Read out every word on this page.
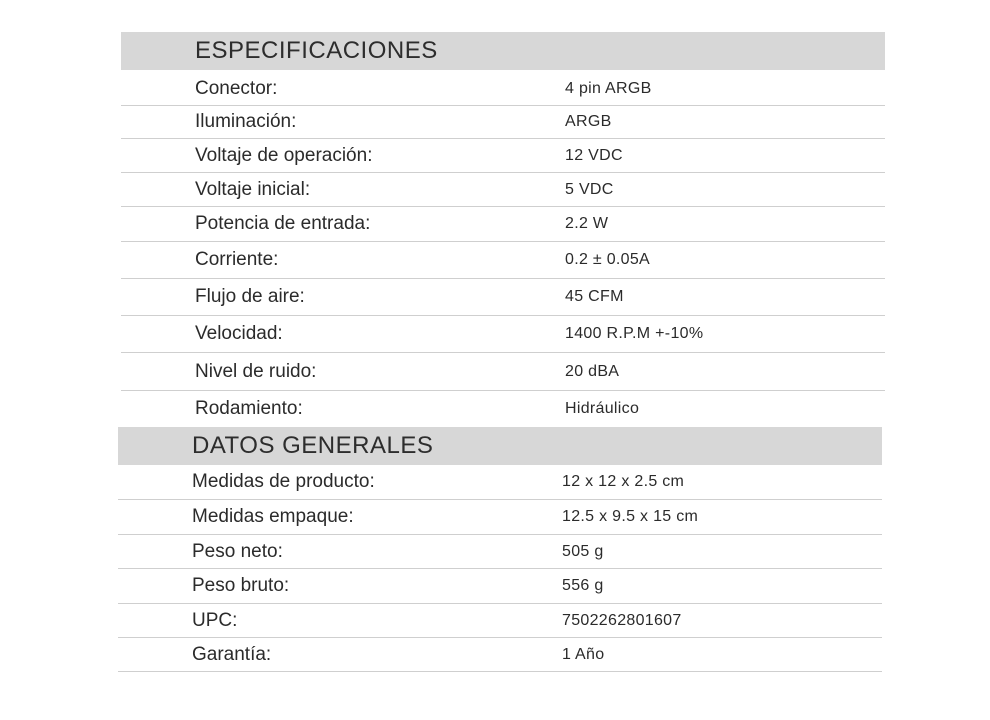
ESPECIFICACIONES
Conector:	4 pin ARGB
Iluminación:	ARGB
Voltaje de operación:	12 VDC
Voltaje inicial:	5 VDC
Potencia de entrada:	2.2 W
Corriente:	0.2 ± 0.05A
Flujo de aire:	45 CFM
Velocidad:	1400 R.P.M +-10%
Nivel de ruido:	20 dBA
Rodamiento:	Hidráulico
DATOS GENERALES
Medidas de producto:	12 x 12 x 2.5 cm
Medidas empaque:	12.5 x 9.5 x 15 cm
Peso neto:	505 g
Peso bruto:	556 g
UPC:	7502262801607
Garantía:	1 Año
